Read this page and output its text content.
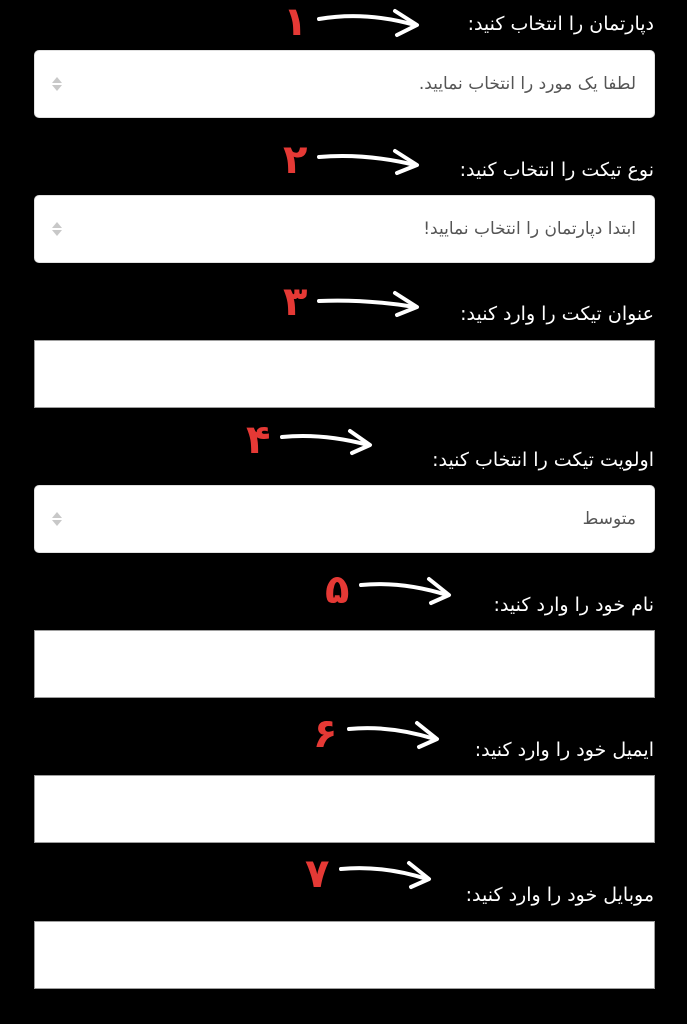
۱	دپارتمان را انتخاب کنید:
لطفا یک مورد را انتخاب نمایید.
۲	نوع تیکت را انتخاب کنید:
ابتدا دپارتمان را انتخاب نمایید!
۳	عنوان تیکت را وارد کنید:
۴	اولویت تیکت را انتخاب کنید:
متوسط
۵	نام خود را وارد کنید:
۶	ایمیل خود را وارد کنید:
۷	موبایل خود را وارد کنید:
